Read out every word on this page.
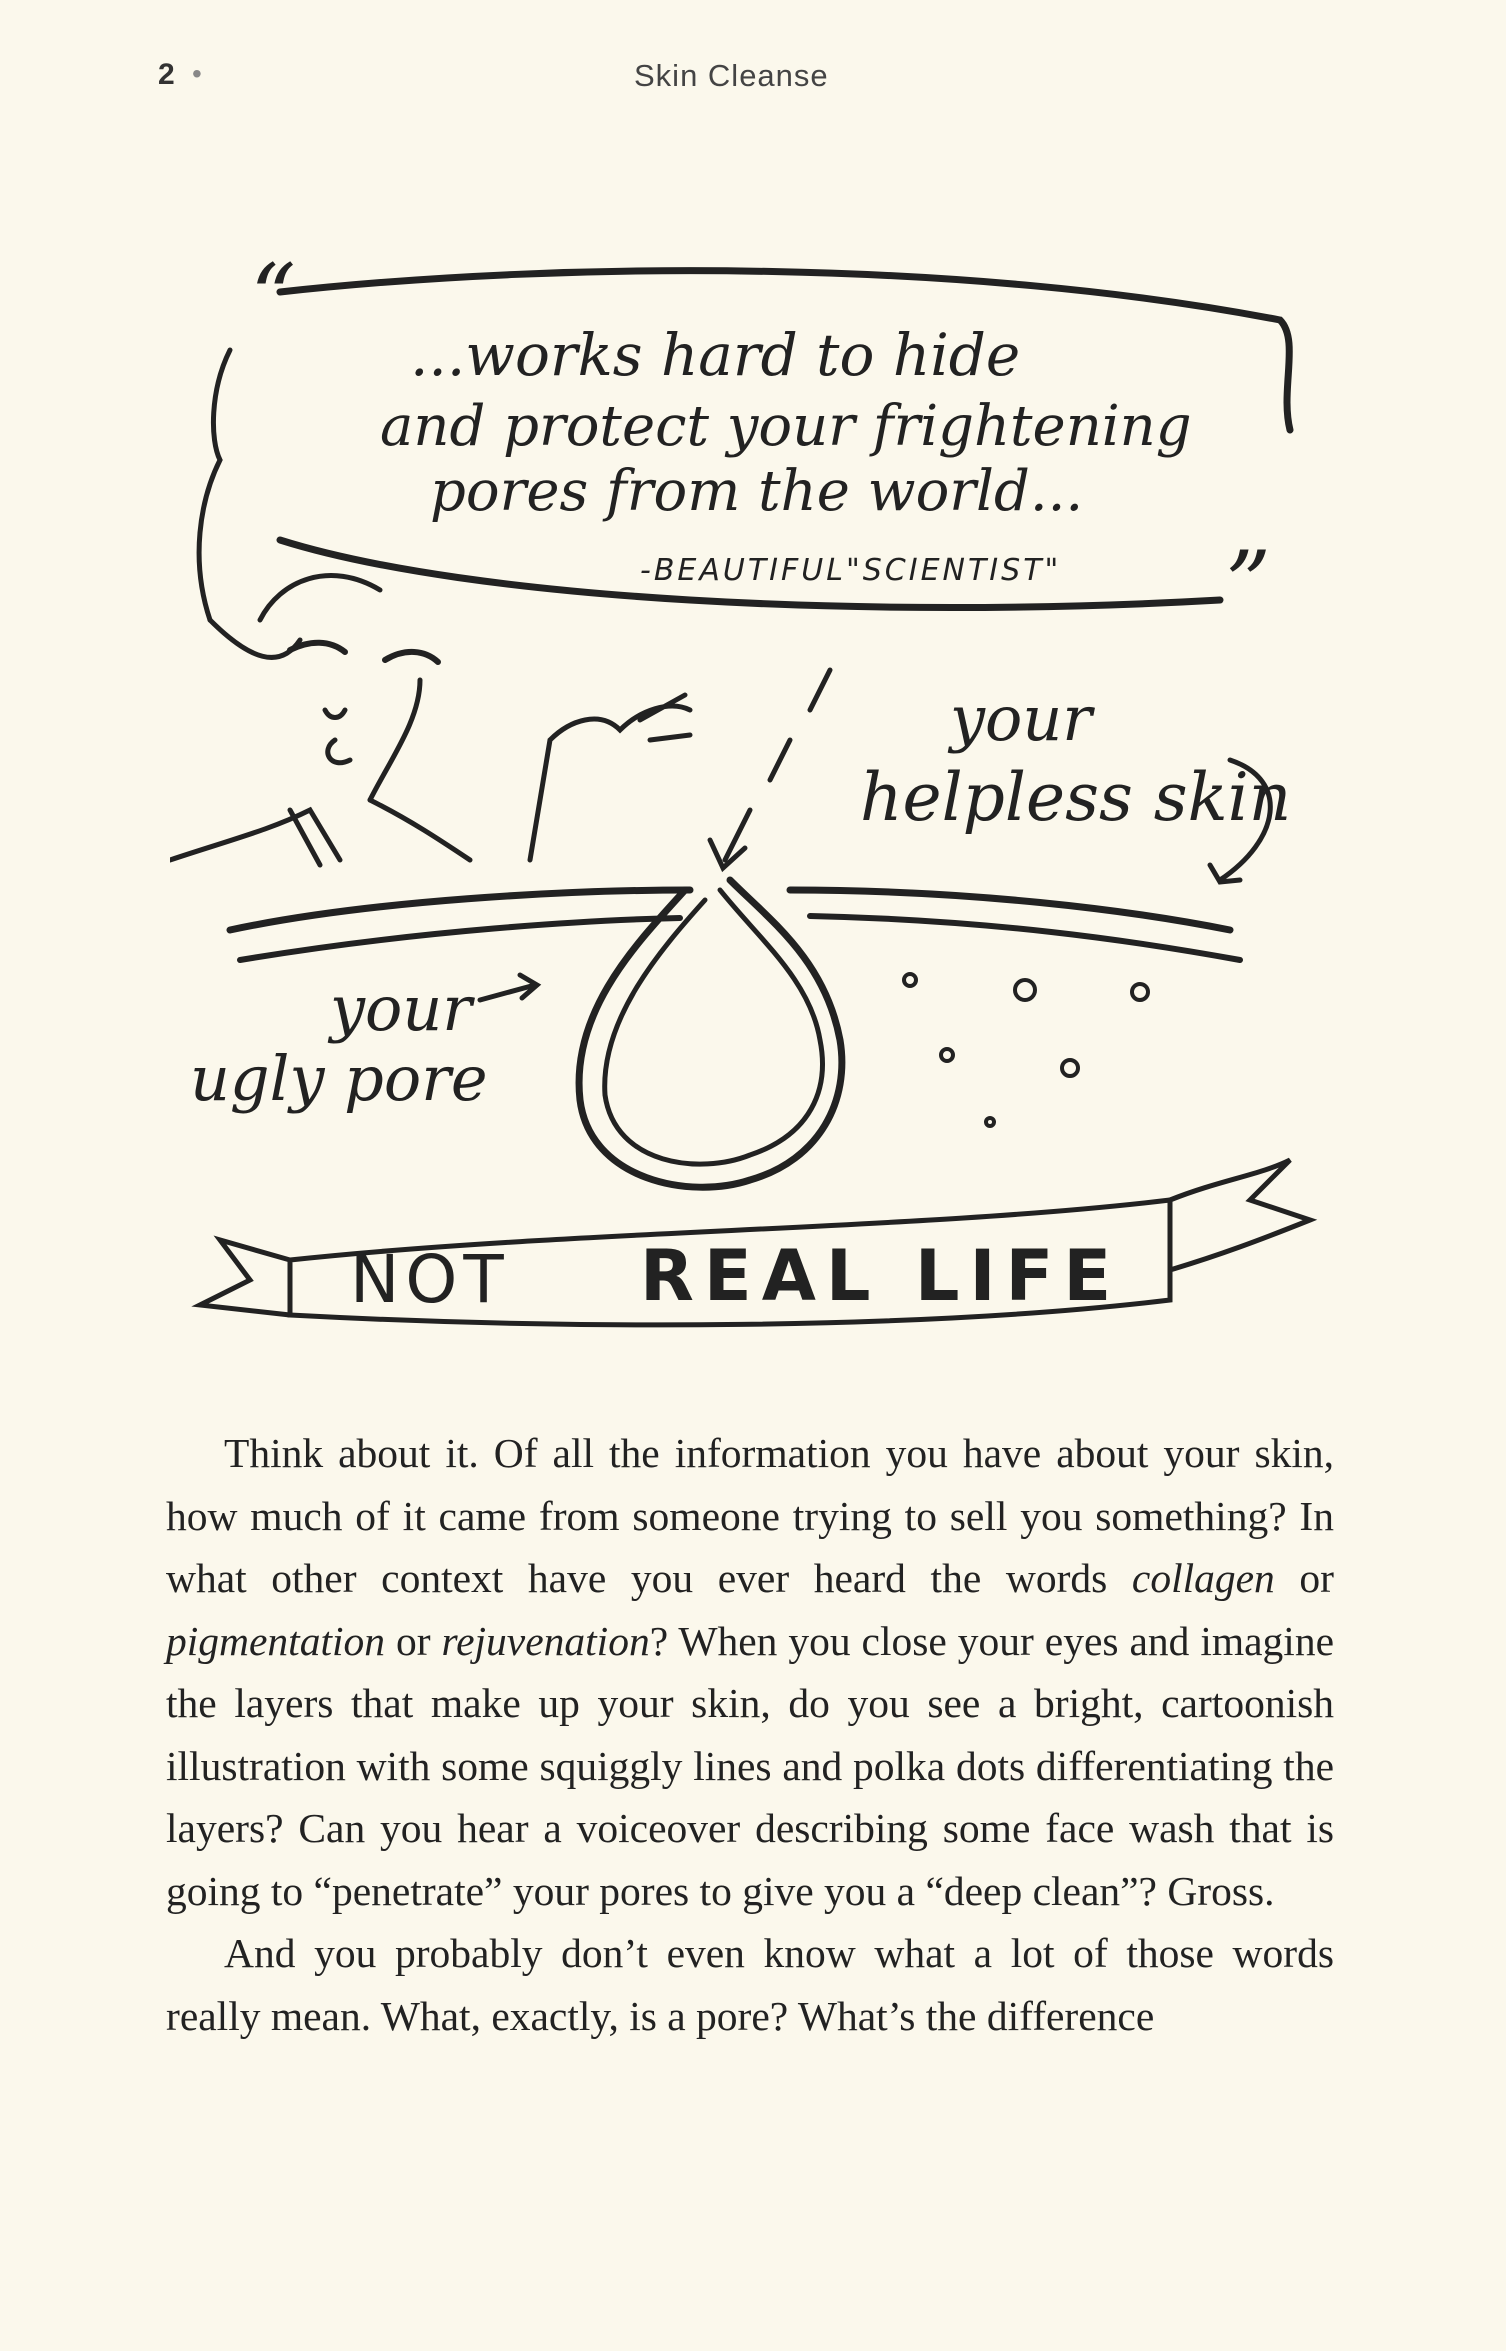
2 •	Skin Cleanse
“
”
...works hard to hide
and protect your frightening
pores from the world...
-BEAUTIFUL"SCIENTIST"
your
helpless skin
your
ugly pore
NOT REAL LIFE

Think about it. Of all the information you have about your skin, how much of it came from someone trying to sell you something? In what other context have you ever heard the words collagen or pigmentation or rejuvenation? When you close your eyes and imagine the layers that make up your skin, do you see a bright, cartoonish illustration with some squiggly lines and polka dots differentiating the layers? Can you hear a voiceover describing some face wash that is going to “penetrate” your pores to give you a “deep clean”? Gross.

And you probably don’t even know what a lot of those words really mean. What, exactly, is a pore? What’s the difference
